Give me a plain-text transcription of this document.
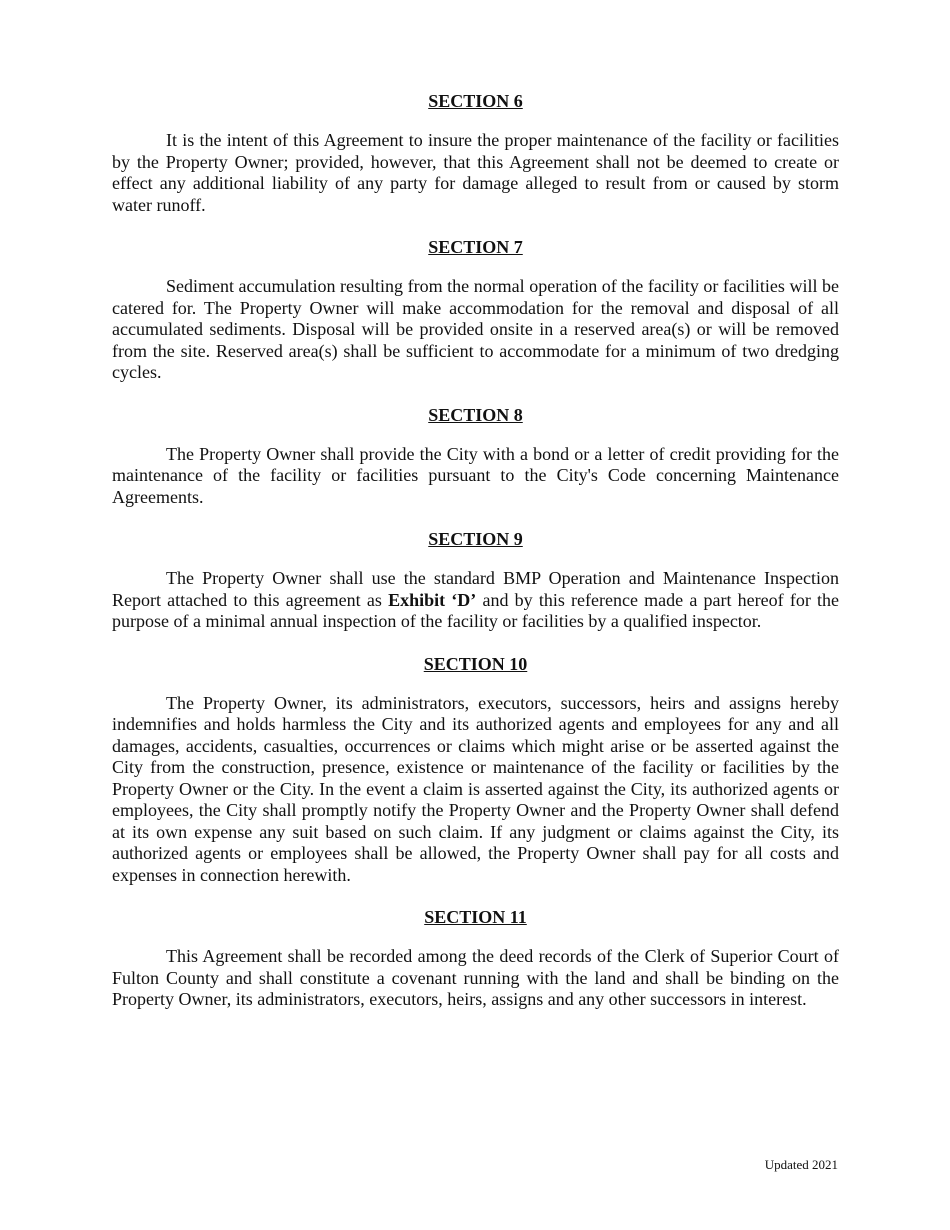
SECTION 6

It is the intent of this Agreement to insure the proper maintenance of the facility or facilities by the Property Owner; provided, however, that this Agreement shall not be deemed to create or effect any additional liability of any party for damage alleged to result from or caused by storm water runoff.

SECTION 7

Sediment accumulation resulting from the normal operation of the facility or facilities will be catered for. The Property Owner will make accommodation for the removal and disposal of all accumulated sediments. Disposal will be provided onsite in a reserved area(s) or will be removed from the site. Reserved area(s) shall be sufficient to accommodate for a minimum of two dredging cycles.

SECTION 8

The Property Owner shall provide the City with a bond or a letter of credit providing for the maintenance of the facility or facilities pursuant to the City's Code concerning Maintenance Agreements.

SECTION 9

The Property Owner shall use the standard BMP Operation and Maintenance Inspection Report attached to this agreement as Exhibit ‘D’ and by this reference made a part hereof for the purpose of a minimal annual inspection of the facility or facilities by a qualified inspector.

SECTION 10

The Property Owner, its administrators, executors, successors, heirs and assigns hereby indemnifies and holds harmless the City and its authorized agents and employees for any and all damages, accidents, casualties, occurrences or claims which might arise or be asserted against the City from the construction, presence, existence or maintenance of the facility or facilities by the Property Owner or the City. In the event a claim is asserted against the City, its authorized agents or employees, the City shall promptly notify the Property Owner and the Property Owner shall defend at its own expense any suit based on such claim. If any judgment or claims against the City, its authorized agents or employees shall be allowed, the Property Owner shall pay for all costs and expenses in connection herewith.

SECTION 11

This Agreement shall be recorded among the deed records of the Clerk of Superior Court of Fulton County and shall constitute a covenant running with the land and shall be binding on the Property Owner, its administrators, executors, heirs, assigns and any other successors in interest.

Updated 2021
